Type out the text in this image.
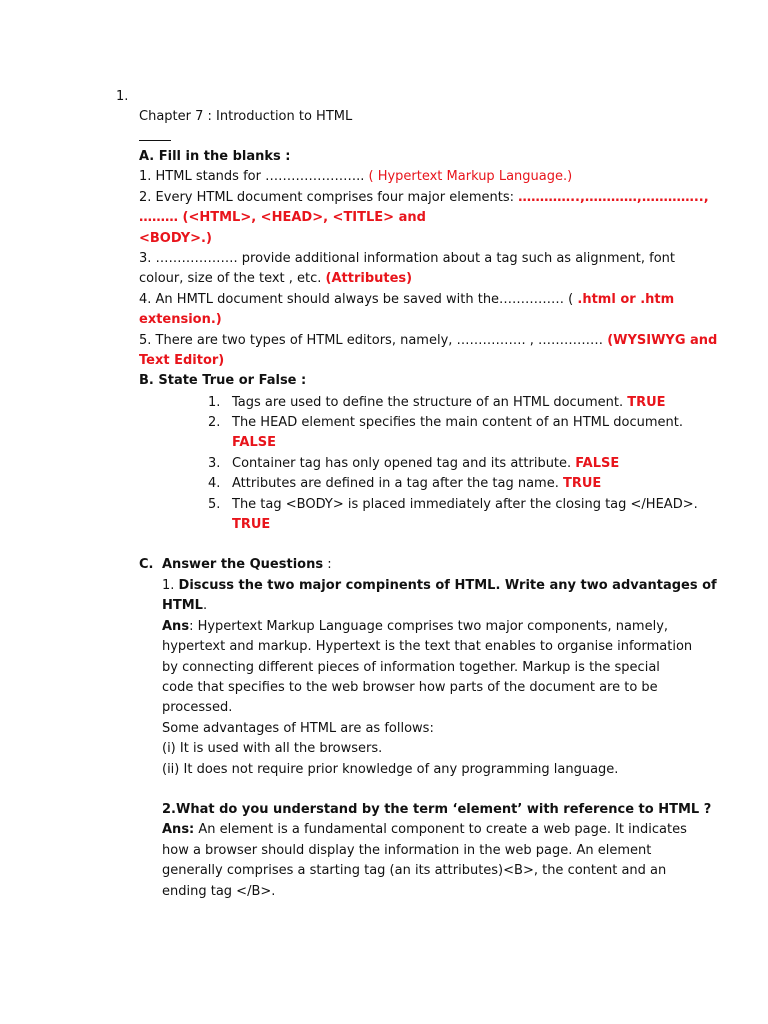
1.
Chapter 7 : Introduction to HTML

A. Fill in the blanks :

1. HTML stands for ………………….. ( Hypertext Markup Language.)

2. Every HTML document comprises four major elements: …………..,…………,…………..,

……… (<HTML>, <HEAD>, <TITLE> and

<BODY>.)

3. ………………. provide additional information about a tag such as alignment, font

colour, size of the text , etc. (Attributes)

4. An HMTL document should always be saved with the…………… ( .html or .htm

extension.)

5. There are two types of HTML editors, namely, ……………. , …………… (WYSIWYG and

Text Editor)

B. State True or False :

1. Tags are used to define the structure of an HTML document. TRUE
2. The HEAD element specifies the main content of an HTML document.
FALSE
3. Container tag has only opened tag and its attribute. FALSE
4. Attributes are defined in a tag after the tag name. TRUE
5. The tag <BODY> is placed immediately after the closing tag </HEAD>.
TRUE
C. Answer the Questions :

1. Discuss the two major compinents of HTML. Write any two advantages of

HTML.

Ans: Hypertext Markup Language comprises two major components, namely,

hypertext and markup. Hypertext is the text that enables to organise information

by connecting different pieces of information together. Markup is the special

code that specifies to the web browser how parts of the document are to be

processed.

Some advantages of HTML are as follows:

(i) It is used with all the browsers.

(ii) It does not require prior knowledge of any programming language.

2.What do you understand by the term ‘element’ with reference to HTML ?

Ans: An element is a fundamental component to create a web page. It indicates

how a browser should display the information in the web page. An element

generally comprises a starting tag (an its attributes)<B>, the content and an

ending tag </B>.
